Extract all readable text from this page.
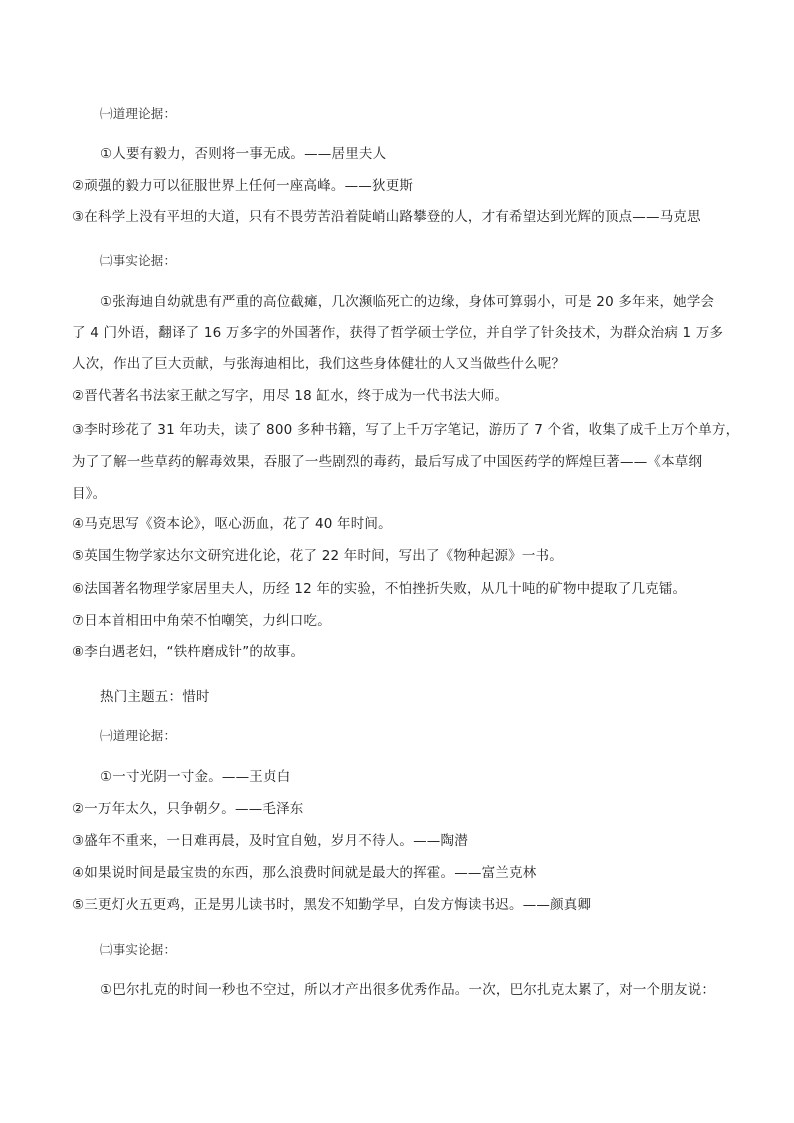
㈠道理论据：
①人要有毅力，否则将一事无成。——居里夫人
②顽强的毅力可以征服世界上任何一座高峰。——狄更斯
③在科学上没有平坦的大道，只有不畏劳苦沿着陡峭山路攀登的人，才有希望达到光辉的顶点——马克思
㈡事实论据：
①张海迪自幼就患有严重的高位截瘫，几次濒临死亡的边缘，身体可算弱小，可是 20 多年来，她学会
了 4 门外语，翻译了 16 万多字的外国著作，获得了哲学硕士学位，并自学了针灸技术，为群众治病 1 万多
人次，作出了巨大贡献，与张海迪相比，我们这些身体健壮的人又当做些什么呢？
②晋代著名书法家王献之写字，用尽 18 缸水，终于成为一代书法大师。
③李时珍花了 31 年功夫，读了 800 多种书籍，写了上千万字笔记，游历了 7 个省，收集了成千上万个单方，
为了了解一些草药的解毒效果，吞服了一些剧烈的毒药，最后写成了中国医药学的辉煌巨著——《本草纲
目》。
④马克思写《资本论》，呕心沥血，花了 40 年时间。
⑤英国生物学家达尔文研究进化论，花了 22 年时间，写出了《物种起源》一书。
⑥法国著名物理学家居里夫人，历经 12 年的实验，不怕挫折失败，从几十吨的矿物中提取了几克镭。
⑦日本首相田中角荣不怕嘲笑，力纠口吃。
⑧李白遇老妇，“铁杵磨成针”的故事。
热门主题五：惜时
㈠道理论据：
①一寸光阴一寸金。——王贞白
②一万年太久，只争朝夕。——毛泽东
③盛年不重来，一日难再晨，及时宜自勉，岁月不待人。——陶潜
④如果说时间是最宝贵的东西，那么浪费时间就是最大的挥霍。——富兰克林
⑤三更灯火五更鸡，正是男儿读书时，黑发不知勤学早，白发方悔读书迟。——颜真卿
㈡事实论据：
①巴尔扎克的时间一秒也不空过，所以才产出很多优秀作品。一次，巴尔扎克太累了，对一个朋友说：
